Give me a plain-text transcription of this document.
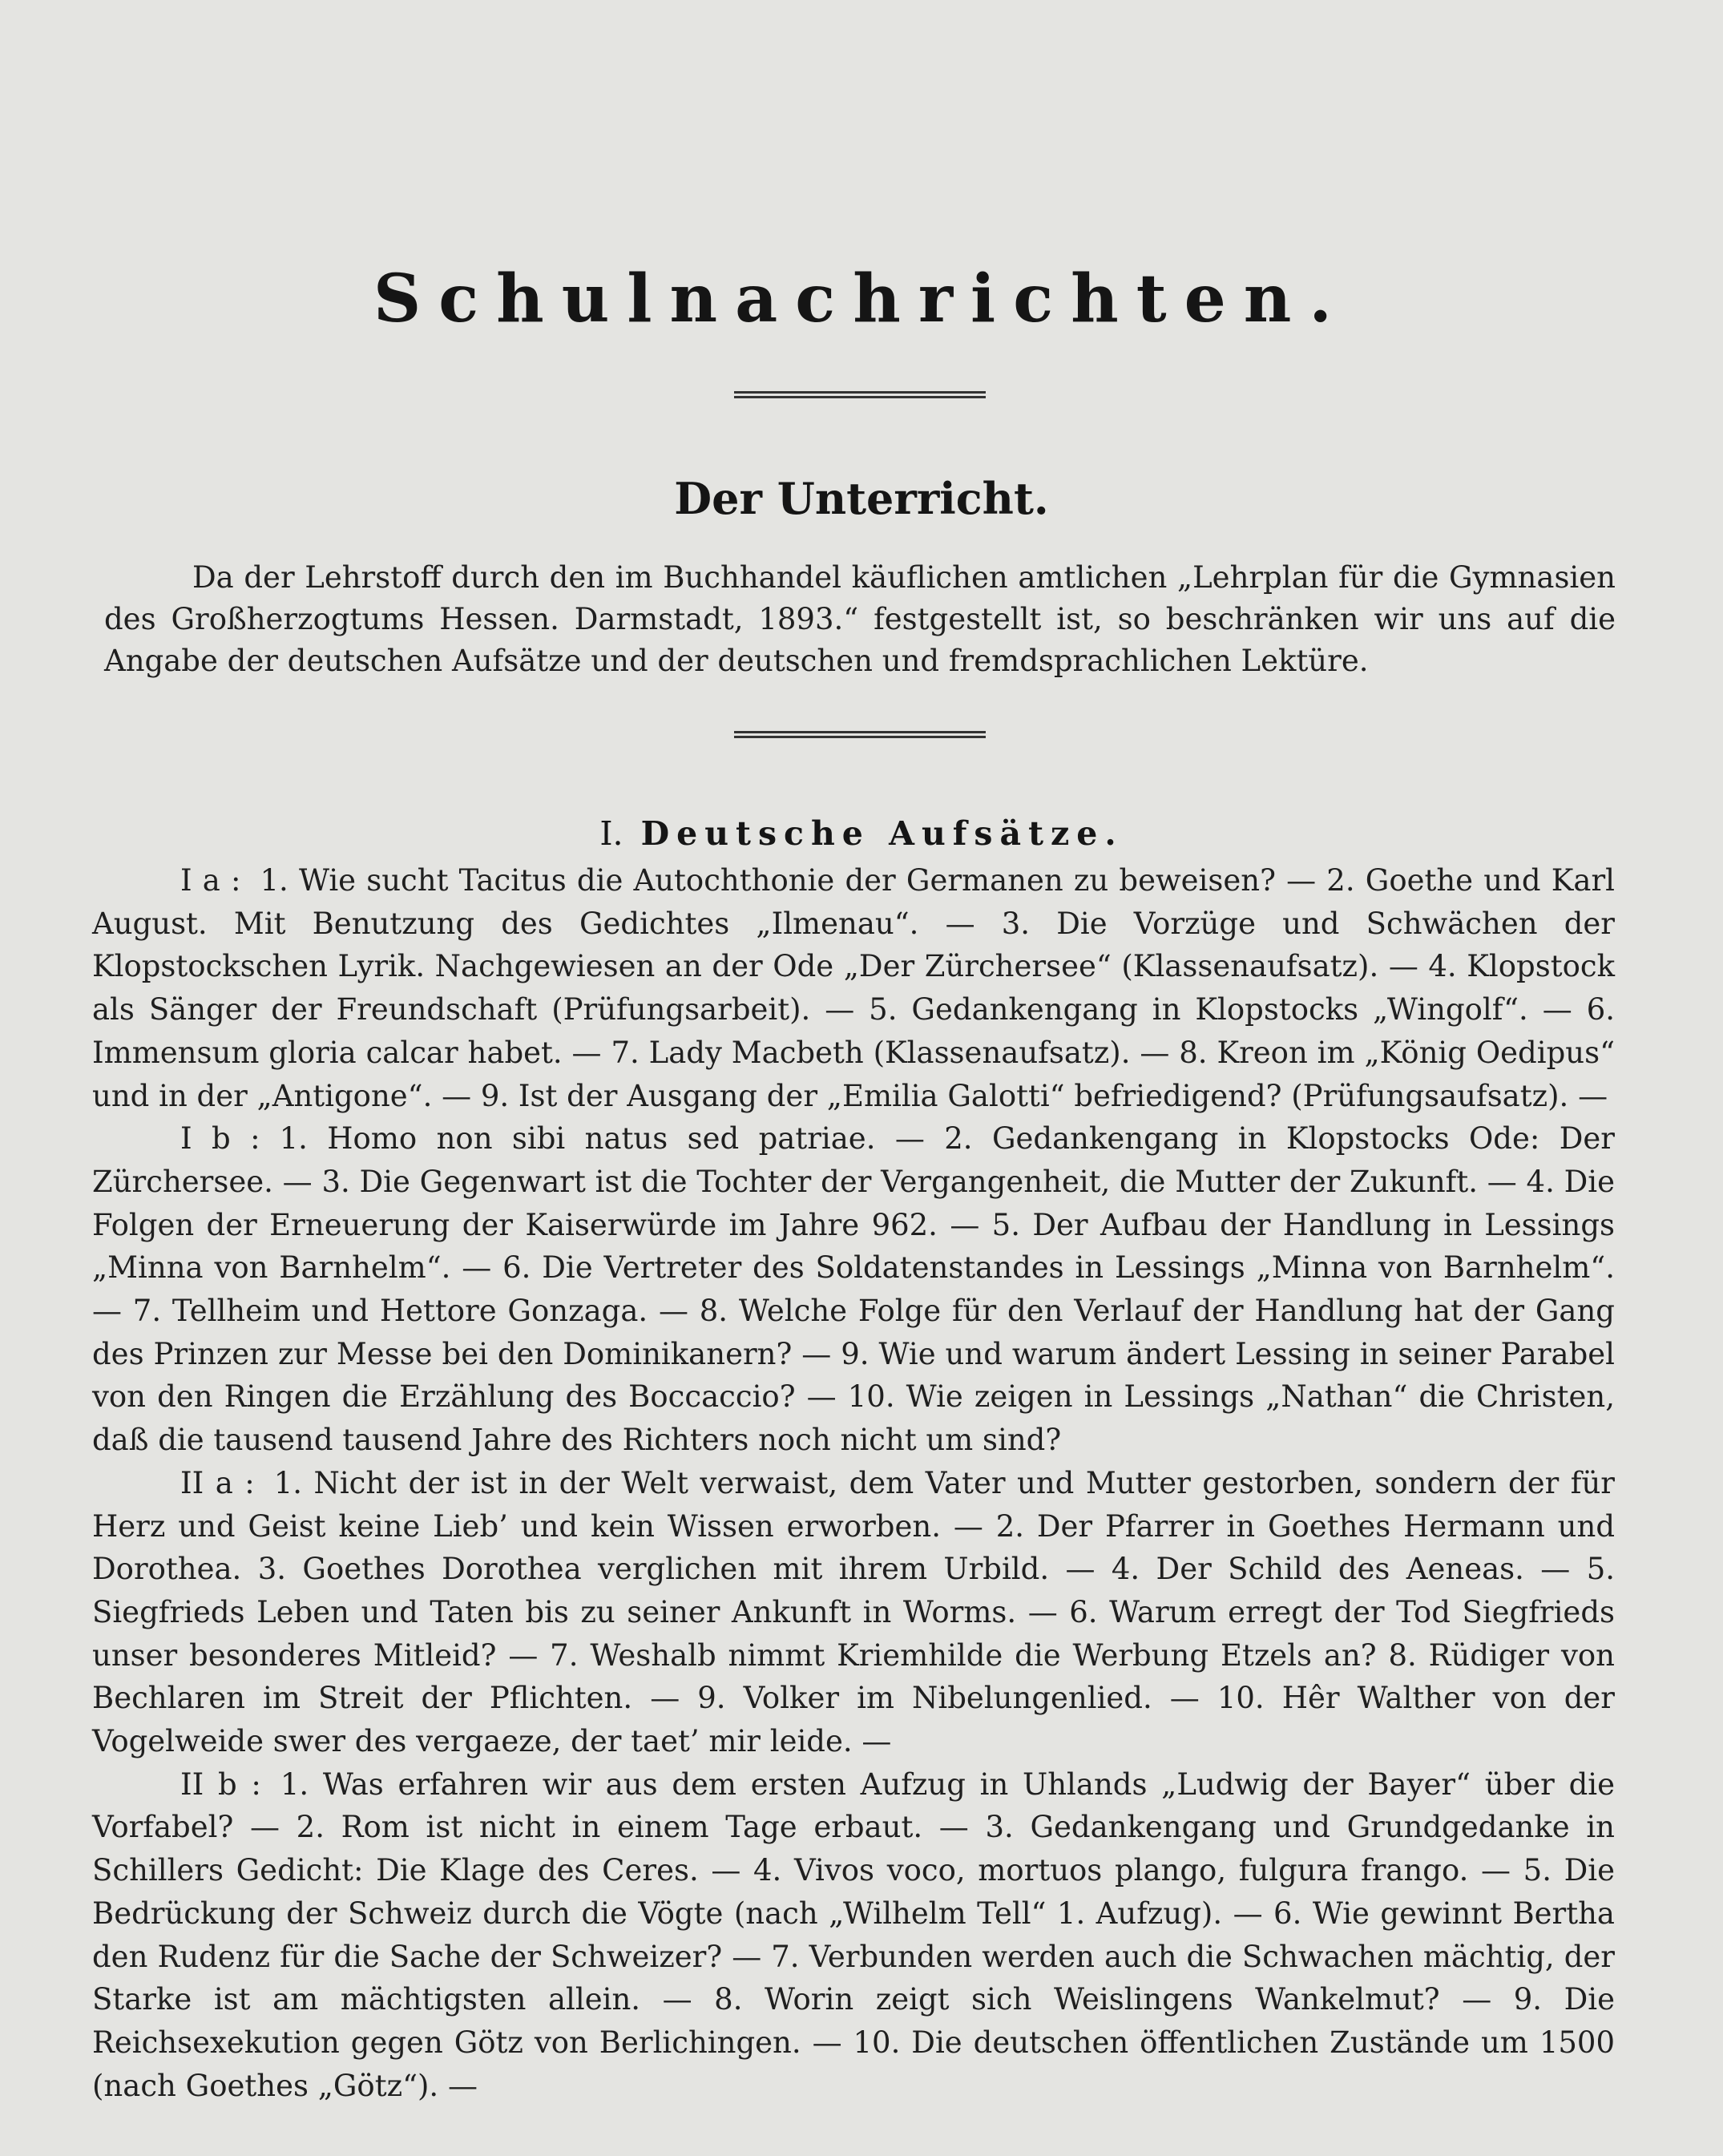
Schulnachrichten.
Der Unterricht.

Da der Lehrstoff durch den im Buchhandel käuflichen amtlichen „Lehrplan für die Gymnasien des Großherzogtums Hessen. Darmstadt, 1893.“ festgestellt ist, so beschränken wir uns auf die Angabe der deutschen Aufsätze und der deutschen und fremdsprachlichen Lektüre.

I. Deutsche Aufsätze.

I a : 1. Wie sucht Tacitus die Autochthonie der Germanen zu beweisen? — 2. Goethe und Karl August. Mit Benutzung des Gedichtes „Ilmenau“. — 3. Die Vorzüge und Schwächen der Klopstockschen Lyrik. Nachgewiesen an der Ode „Der Zürchersee“ (Klassenaufsatz). — 4. Klopstock als Sänger der Freundschaft (Prüfungsarbeit). — 5. Gedankengang in Klopstocks „Wingolf“. — 6. Immensum gloria calcar habet. — 7. Lady Macbeth (Klassenaufsatz). — 8. Kreon im „König Oedipus“ und in der „Antigone“. — 9. Ist der Ausgang der „Emilia Galotti“ befriedigend? (Prüfungsaufsatz). —

I b : 1. Homo non sibi natus sed patriae. — 2. Gedankengang in Klopstocks Ode: Der Zürchersee. — 3. Die Gegenwart ist die Tochter der Vergangenheit, die Mutter der Zukunft. — 4. Die Folgen der Erneuerung der Kaiserwürde im Jahre 962. — 5. Der Aufbau der Handlung in Lessings „Minna von Barnhelm“. — 6. Die Vertreter des Soldatenstandes in Lessings „Minna von Barnhelm“. — 7. Tellheim und Hettore Gonzaga. — 8. Welche Folge für den Verlauf der Handlung hat der Gang des Prinzen zur Messe bei den Dominikanern? — 9. Wie und warum ändert Lessing in seiner Parabel von den Ringen die Erzählung des Boccaccio? — 10. Wie zeigen in Lessings „Nathan“ die Christen, daß die tausend tausend Jahre des Richters noch nicht um sind?

II a : 1. Nicht der ist in der Welt verwaist, dem Vater und Mutter gestorben, sondern der für Herz und Geist keine Lieb’ und kein Wissen erworben. — 2. Der Pfarrer in Goethes Hermann und Dorothea. 3. Goethes Dorothea verglichen mit ihrem Urbild. — 4. Der Schild des Aeneas. — 5. Siegfrieds Leben und Taten bis zu seiner Ankunft in Worms. — 6. Warum erregt der Tod Siegfrieds unser besonderes Mitleid? — 7. Weshalb nimmt Kriemhilde die Werbung Etzels an? 8. Rüdiger von Bechlaren im Streit der Pflichten. — 9. Volker im Nibelungenlied. — 10. Hêr Walther von der Vogelweide swer des vergaeze, der taet’ mir leide. —

II b : 1. Was erfahren wir aus dem ersten Aufzug in Uhlands „Ludwig der Bayer“ über die Vorfabel? — 2. Rom ist nicht in einem Tage erbaut. — 3. Gedankengang und Grundgedanke in Schillers Gedicht: Die Klage des Ceres. — 4. Vivos voco, mortuos plango, fulgura frango. — 5. Die Bedrückung der Schweiz durch die Vögte (nach „Wilhelm Tell“ 1. Aufzug). — 6. Wie gewinnt Bertha den Rudenz für die Sache der Schweizer? — 7. Verbunden werden auch die Schwachen mächtig, der Starke ist am mächtigsten allein. — 8. Worin zeigt sich Weislingens Wankelmut? — 9. Die Reichsexekution gegen Götz von Berlichingen. — 10. Die deutschen öffentlichen Zustände um 1500 (nach Goethes „Götz“). —
